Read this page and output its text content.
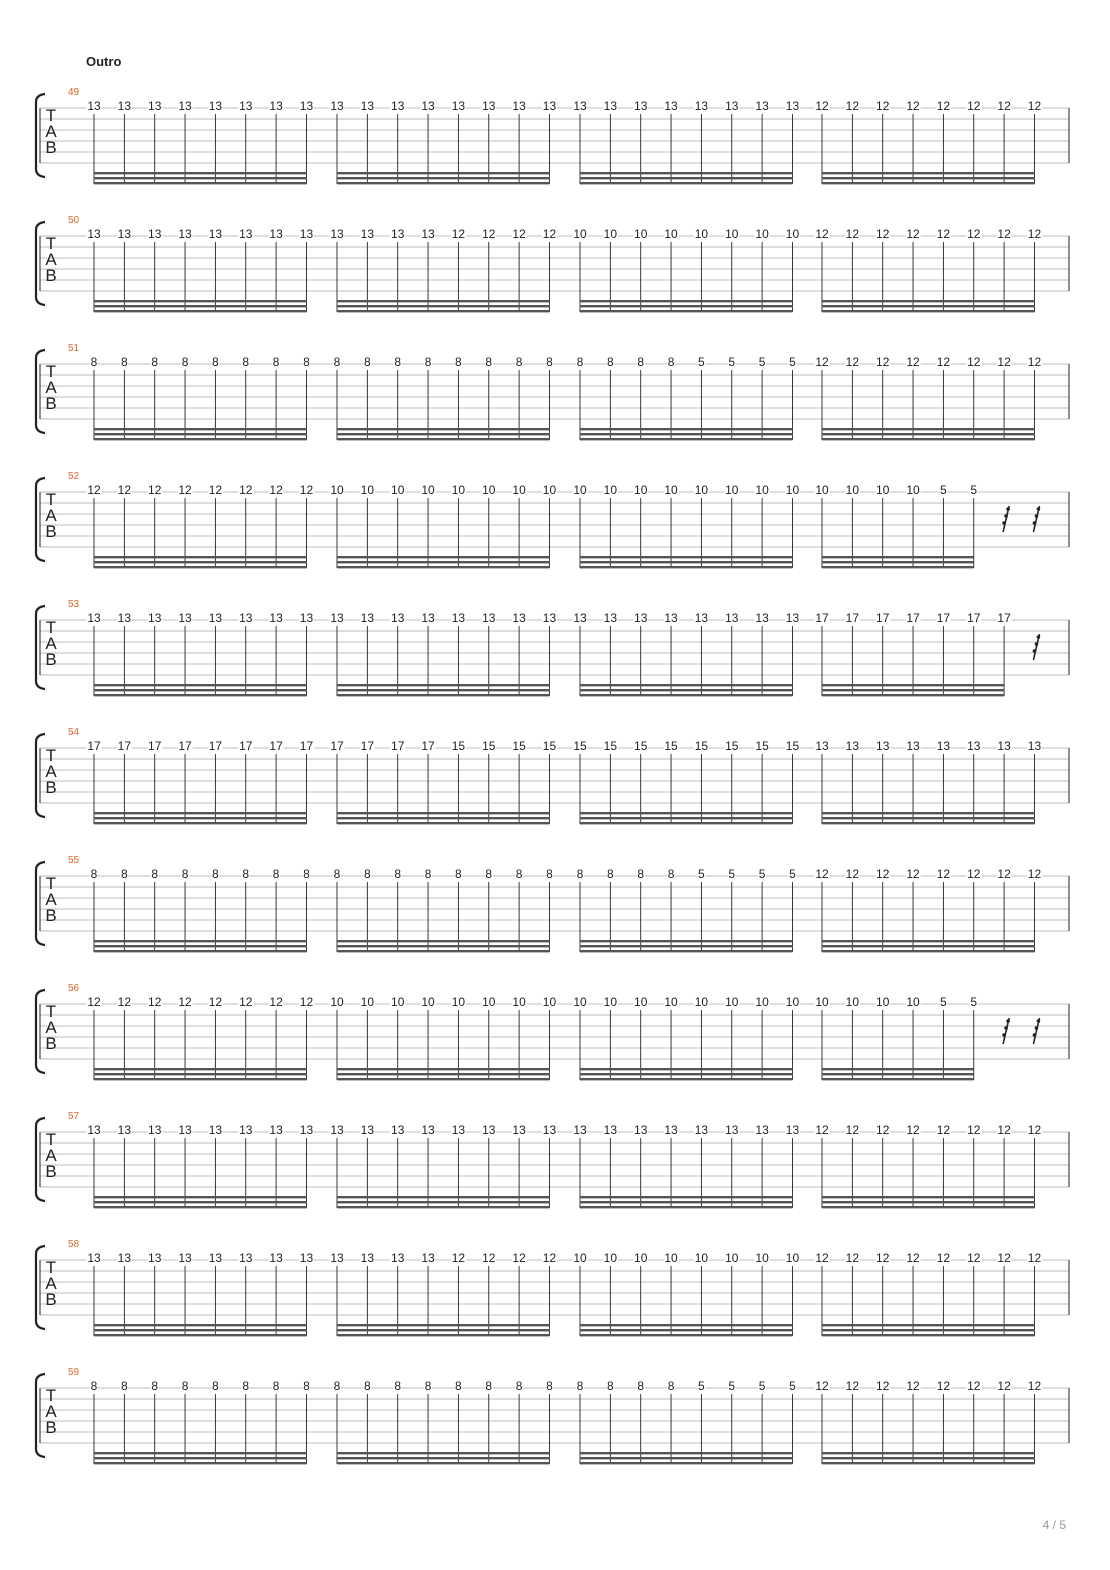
Outro
T
A
B
49
13 13 13 13 13 13 13 13 13 13 13 13 13 13 13 13 13 13 13 13 13 13 13 13 12 12 12 12 12 12 12 12
T
A
B
50
13 13 13 13 13 13 13 13 13 13 13 13 12 12 12 12 10 10 10 10 10 10 10 10 12 12 12 12 12 12 12 12
T
A
B
51
8 8 8 8 8 8 8 8 8 8 8 8 8 8 8 8 8 8 8 8 5 5 5 5 12 12 12 12 12 12 12 12
T
A
B
52
12 12 12 12 12 12 12 12 10 10 10 10 10 10 10 10 10 10 10 10 10 10 10 10 10 10 10 10 5 5
T
A
B
53
13 13 13 13 13 13 13 13 13 13 13 13 13 13 13 13 13 13 13 13 13 13 13 13 17 17 17 17 17 17 17
T
A
B
54
17 17 17 17 17 17 17 17 17 17 17 17 15 15 15 15 15 15 15 15 15 15 15 15 13 13 13 13 13 13 13 13
T
A
B
55
8 8 8 8 8 8 8 8 8 8 8 8 8 8 8 8 8 8 8 8 5 5 5 5 12 12 12 12 12 12 12 12
T
A
B
56
12 12 12 12 12 12 12 12 10 10 10 10 10 10 10 10 10 10 10 10 10 10 10 10 10 10 10 10 5 5
T
A
B
57
13 13 13 13 13 13 13 13 13 13 13 13 13 13 13 13 13 13 13 13 13 13 13 13 12 12 12 12 12 12 12 12
T
A
B
58
13 13 13 13 13 13 13 13 13 13 13 13 12 12 12 12 10 10 10 10 10 10 10 10 12 12 12 12 12 12 12 12
T
A
B
59
8 8 8 8 8 8 8 8 8 8 8 8 8 8 8 8 8 8 8 8 5 5 5 5 12 12 12 12 12 12 12 12
4 / 5
